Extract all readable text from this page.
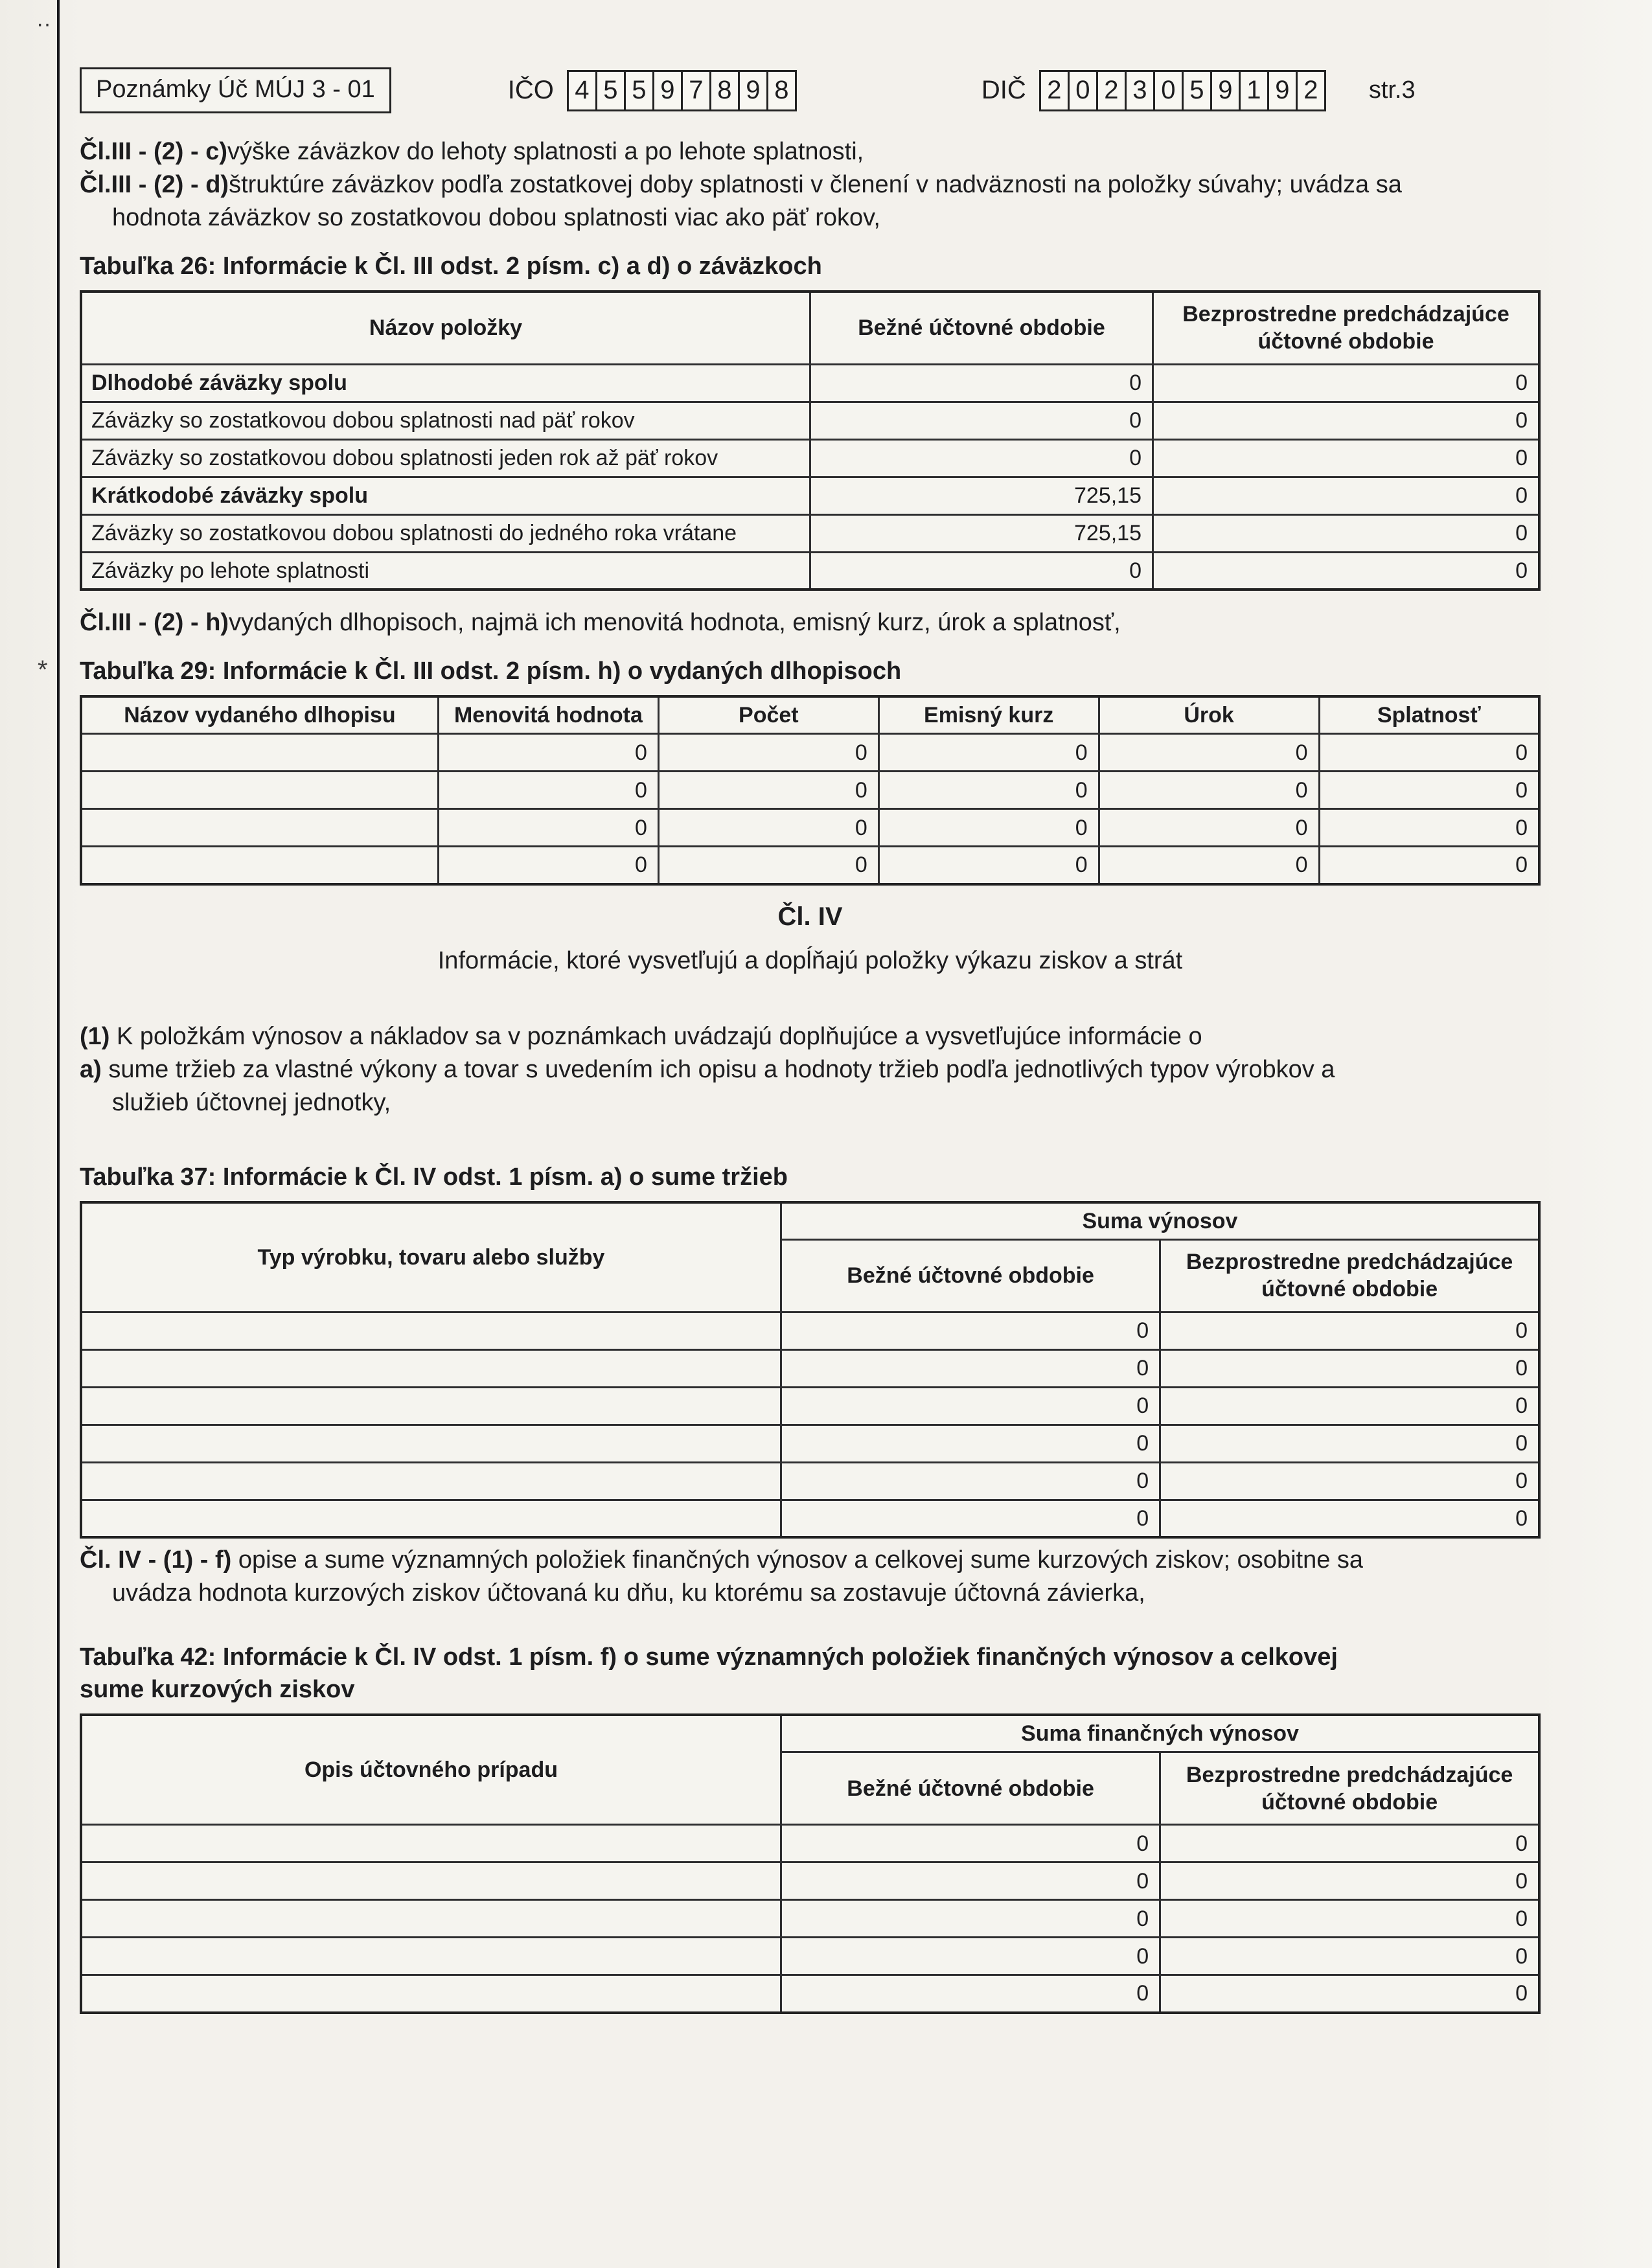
··
*
Poznámky Úč MÚJ 3 - 01	IČO 4 5 5 9 7 8 9 8	DIČ 2 0 2 3 0 5 9 1 9 2	str.3
Čl.III - (2) - c)výške záväzkov do lehoty splatnosti a po lehote splatnosti,
Čl.III - (2) - d)štruktúre záväzkov podľa zostatkovej doby splatnosti v členení v nadväznosti na položky súvahy; uvádza sa
hodnota záväzkov so zostatkovou dobou splatnosti viac ako päť rokov,
Tabuľka 26: Informácie k Čl. III odst. 2 písm. c) a d) o záväzkoch
Názov položky	Bežné účtovné obdobie	Bezprostredne predchádzajúce účtovné obdobie
Dlhodobé záväzky spolu	0	0
Záväzky so zostatkovou dobou splatnosti nad päť rokov	0	0
Záväzky so zostatkovou dobou splatnosti jeden rok až päť rokov	0	0
Krátkodobé záväzky spolu	725,15	0
Záväzky so zostatkovou dobou splatnosti do jedného roka vrátane	725,15	0
Záväzky po lehote splatnosti	0	0
Čl.III - (2) - h)vydaných dlhopisoch, najmä ich menovitá hodnota, emisný kurz, úrok a splatnosť,
Tabuľka 29: Informácie k Čl. III odst. 2 písm. h) o vydaných dlhopisoch
Názov vydaného dlhopisu	Menovitá hodnota	Počet	Emisný kurz	Úrok	Splatnosť
	0	0	0	0	0
	0	0	0	0	0
	0	0	0	0	0
	0	0	0	0	0
Čl. IV
Informácie, ktoré vysvetľujú a dopĺňajú položky výkazu ziskov a strát
(1) K položkám výnosov a nákladov sa v poznámkach uvádzajú doplňujúce a vysvetľujúce informácie o
a) sume tržieb za vlastné výkony a tovar s uvedením ich opisu a hodnoty tržieb podľa jednotlivých typov výrobkov a
služieb účtovnej jednotky,
Tabuľka 37: Informácie k Čl. IV odst. 1 písm. a) o sume tržieb
Typ výrobku, tovaru alebo služby	Suma výnosov	
	Bežné účtovné obdobie	Bezprostredne predchádzajúce účtovné obdobie
	0	0
	0	0
	0	0
	0	0
	0	0
	0	0
Čl. IV - (1) - f) opise a sume významných položiek finančných výnosov a celkovej sume kurzových ziskov; osobitne sa
uvádza hodnota kurzových ziskov účtovaná ku dňu, ku ktorému sa zostavuje účtovná závierka,
Tabuľka 42: Informácie k Čl. IV odst. 1 písm. f) o sume významných položiek finančných výnosov a celkovej
sume kurzových ziskov
Opis účtovného prípadu	Suma finančných výnosov	
	Bežné účtovné obdobie	Bezprostredne predchádzajúce účtovné obdobie
	0	0
	0	0
	0	0
	0	0
	0	0
